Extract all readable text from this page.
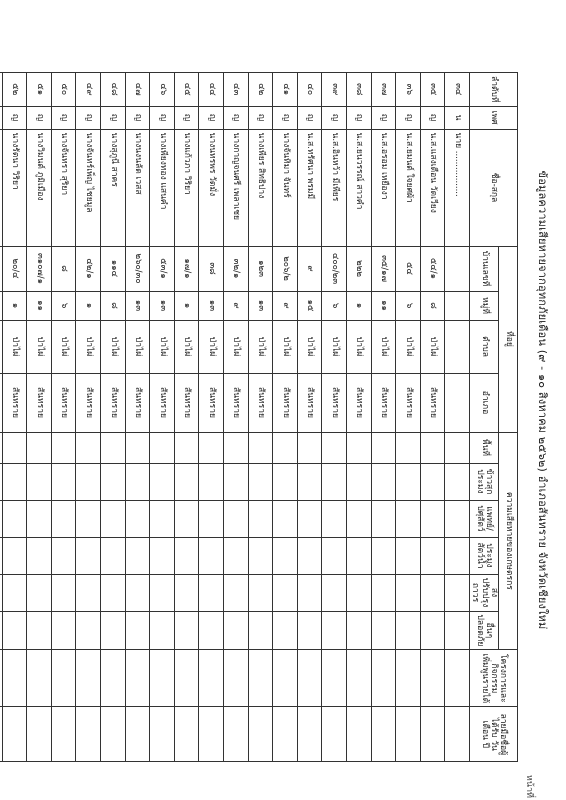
หน้าที่
ข้อมูลความเสียหายจากอุทกภัยเดือน (๙ - ๑๐ สิงหาคม ๒๕๖๒) อำเภอสันทราย จังหวัดเชียงใหม่
ลำดับที่	เพศ	ชื่อ-สกุล	ที่อยู่				ความเสียหายของเกษตรกร						โครงการและกิจกรรมเพิ่มพูนรายได้	ลายมือชื่อผู้ได้รับ วัน เดือน ปี
			บ้านเลขที่	หมู่ที่	ตำบล	อำเภอ	พื้นที่	ข้าวสุก ประมง	แพทย์/ ปศุสัตว์	ประมง สัตว์น้ำ	ส่งปรับปรุง ถาวร	อื่นๆ ปลอดภัย		

๓๔	น	นาย .................												
๓๕	ญ	น.ส.แสงเดือน วัดเวียง	๕๔/๑	๘	ป่าไผ่	สันทราย								
๓๖	ญ	น.ส.ยมนต์ ใจยศผ้า	๕๔	๖	ป่าไผ่	สันทราย								
๓๗	ญ	น.ส.อรอม เหยืองา	๓๕/๑๗	๑๑	ป่าไผ่	สันทราย								
๓๘	ญ	น.ส.ยนวรรณ์ สาวคำ	๒๒๒	๑	ป่าไผ่	สันทราย								
๓๙	ญ	น.ส.อินหว้า มีเพียร	๔๐๐/๒๓	๖	ป่าไผ่	สันทราย								
๔๐	ญ	น.ส.ทรัศนา พรมมี	๙	๑๕	ป่าไผ่	สันทราย								
๔๑	ญ	นางจันทิมา จันทร์	๒๐๖/๒	๙	ป่าไผ่	สันทราย								
๔๒	ญ	นางเพียร สิทธิปาง	๑๒๓	๑๓	ป่าไผ่	สันทราย								
๔๓	ญ	นางกาญจนศรี เพลาเชย	๓๒/๑	๙	ป่าไผ่	สันทราย								
๔๔	ญ	นางนทรพร วัดมั่ง	๓๘	๑๓	ป่าไผ่	สันทราย								
๔๕	ญ	นางแก้วภา วิริยา	๑๗/๑	๑	ป่าไผ่	สันทราย								
๔๖	ญ	นางเพียงทอง แสนคำ	๕๓/๑	๑๓	ป่าไผ่	สันทราย								
๔๗	ญ	นางนงนลัด เวสส	๒๖๐/๓๐	๑๓	ป่าไผ่	สันทราย								
๔๘	ญ	นางสุภูนี สาคร	๑๑๔	๘	ป่าไผ่	สันทราย								
๔๙	ญ	นางจันทร์เพ็ญ ไชยมูล	๔๒/๑	๑	ป่าไผ่	สันทราย								
๕๐	ญ	นางจันทรา สุริยา	๘	๖	ป่าไผ่	สันทราย								
๕๑	ญ	นางวิมนต์ ภูมิเมือง	๓๑๐๗/๑	๑๑	ป่าไผ่	สันทราย								
๕๒	ญ	นางรัตนา วิริยา	๒๐/๔	๑	ป่าไผ่	สันทราย								
